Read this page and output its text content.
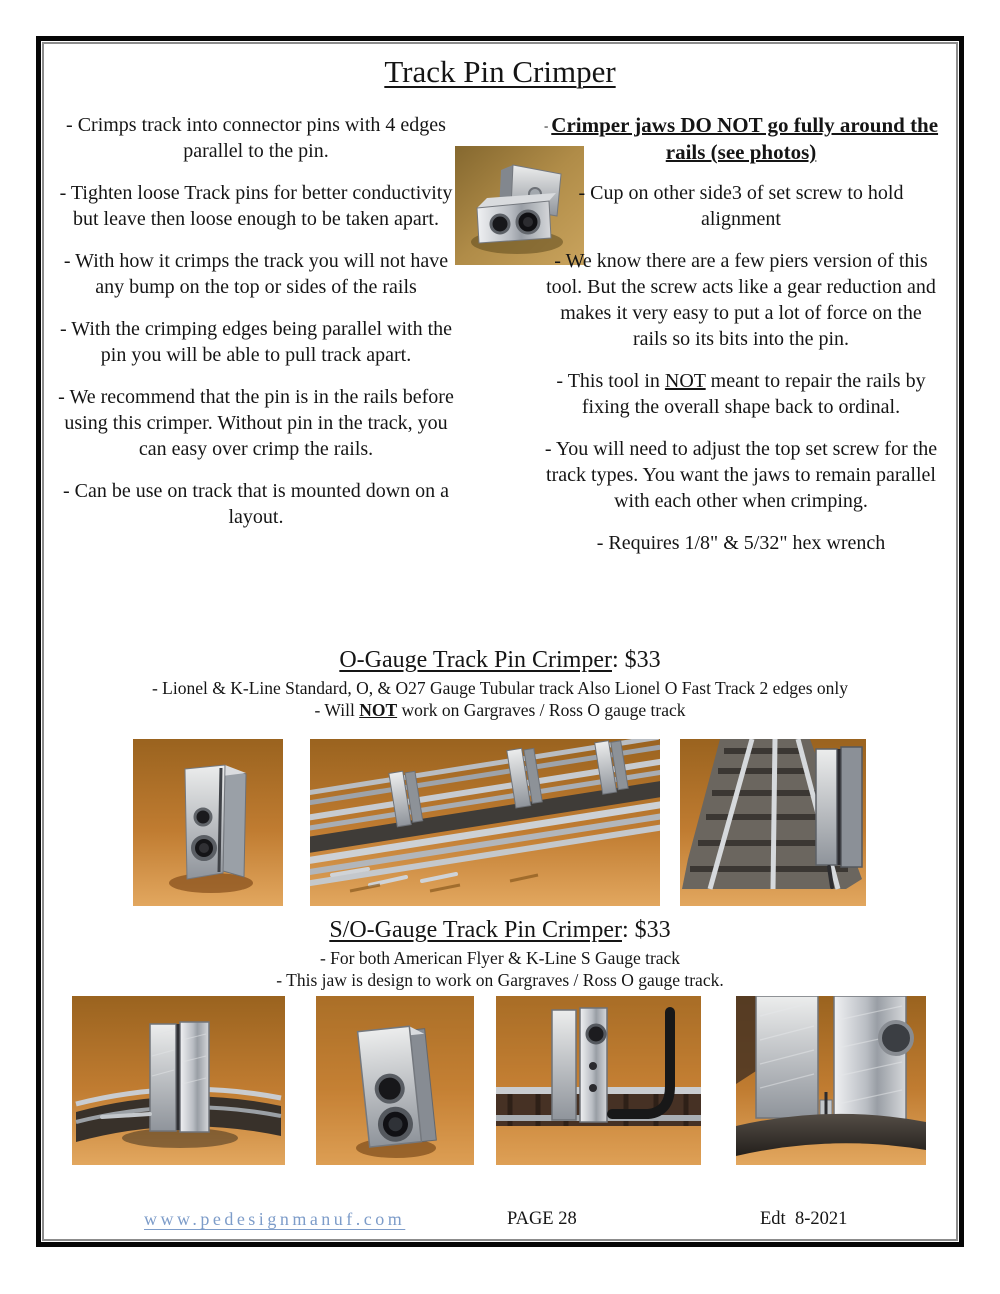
Track Pin Crimper

- Crimps track into connector pins with 4 edges parallel to the pin.

- Tighten loose Track pins for better conductivity but leave then loose enough to be taken apart.

- With how it crimps the track you will not have any bump on the top or sides of the rails

- With the crimping edges being parallel with the pin you will be able to pull track apart.

- We recommend that the pin is in the rails before using this crimper. Without pin in the track, you can easy over crimp the rails.

- Can be use on track that is mounted down on a layout.

- Crimper jaws DO NOT go fully around the rails (see photos)

- Cup on other side3 of set screw to hold alignment

- We know there are a few piers version of this tool. But the screw acts like a gear reduction and makes it very easy to put a lot of force on the rails so its bits into the pin.

- This tool in NOT meant to repair the rails by fixing the overall shape back to ordinal.

- You will need to adjust the top set screw for the track types. You want the jaws to remain parallel with each other when crimping.

- Requires 1/8" & 5/32" hex wrench

O-Gauge Track Pin Crimper: $33

- Lionel & K-Line Standard, O, & O27 Gauge Tubular track Also Lionel O Fast Track 2 edges only

- Will NOT work on Gargraves / Ross O gauge track

S/O-Gauge Track Pin Crimper: $33

- For both American Flyer & K-Line S Gauge track

- This jaw is design to work on Gargraves / Ross O gauge track.

www.pedesignmanuf.com	PAGE 28	Edt  8-2021
